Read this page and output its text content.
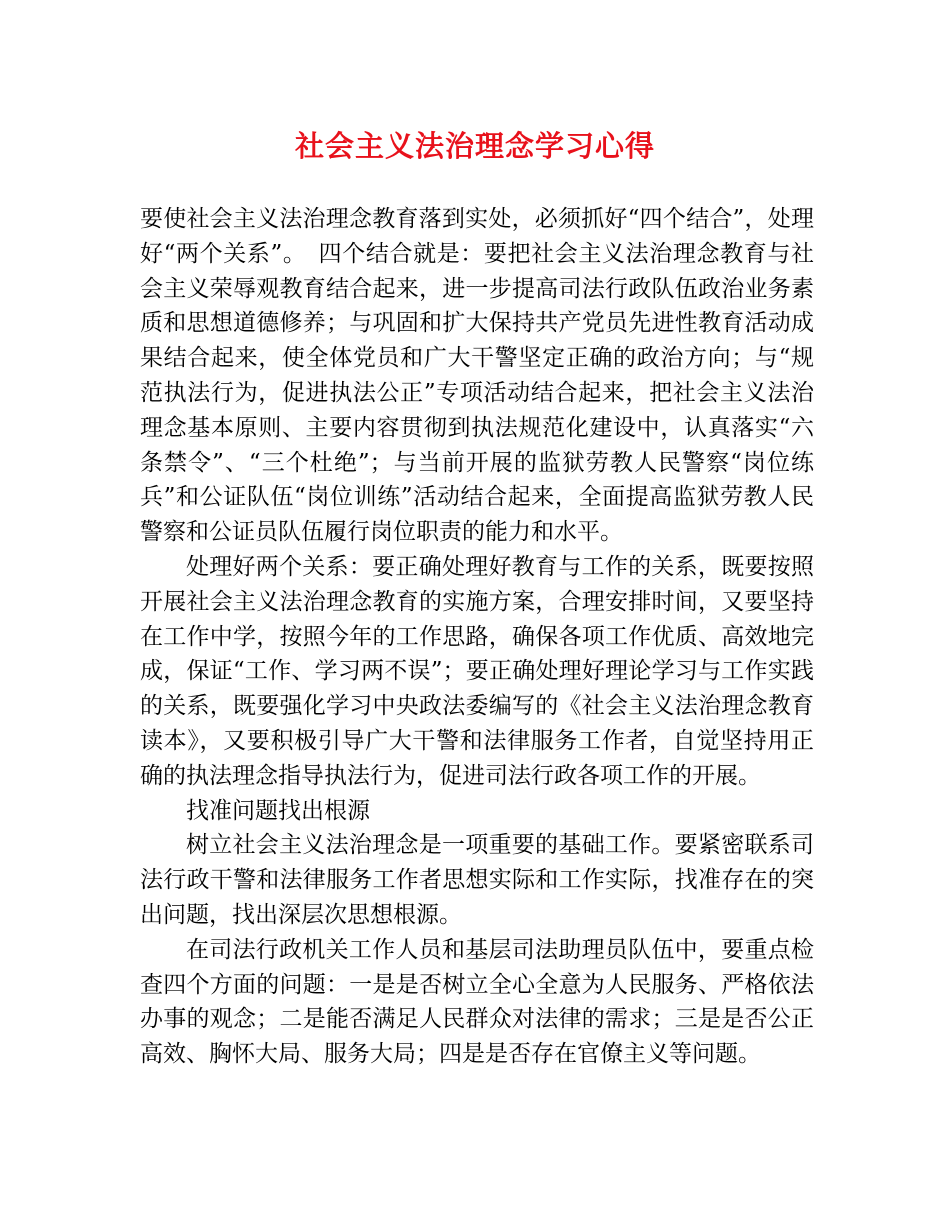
社会主义法治理念学习心得

要使社会主义法治理念教育落到实处，必须抓好“四个结合”，处理好“两个关系”。　四个结合就是：要把社会主义法治理念教育与社会主义荣辱观教育结合起来，进一步提高司法行政队伍政治业务素质和思想道德修养；与巩固和扩大保持共产党员先进性教育活动成果结合起来，使全体党员和广大干警坚定正确的政治方向；与“规范执法行为，促进执法公正”专项活动结合起来，把社会主义法治理念基本原则、主要内容贯彻到执法规范化建设中，认真落实“六条禁令”、“三个杜绝”；与当前开展的监狱劳教人民警察“岗位练兵”和公证队伍“岗位训练”活动结合起来，全面提高监狱劳教人民警察和公证员队伍履行岗位职责的能力和水平。

处理好两个关系：要正确处理好教育与工作的关系，既要按照开展社会主义法治理念教育的实施方案，合理安排时间，又要坚持在工作中学，按照今年的工作思路，确保各项工作优质、高效地完成，保证“工作、学习两不误”；要正确处理好理论学习与工作实践的关系，既要强化学习中央政法委编写的《社会主义法治理念教育读本》，又要积极引导广大干警和法律服务工作者，自觉坚持用正确的执法理念指导执法行为，促进司法行政各项工作的开展。

找准问题找出根源

树立社会主义法治理念是一项重要的基础工作。要紧密联系司法行政干警和法律服务工作者思想实际和工作实际，找准存在的突出问题，找出深层次思想根源。

在司法行政机关工作人员和基层司法助理员队伍中，要重点检查四个方面的问题：一是是否树立全心全意为人民服务、严格依法办事的观念；二是能否满足人民群众对法律的需求；三是是否公正高效、胸怀大局、服务大局；四是是否存在官僚主义等问题。
